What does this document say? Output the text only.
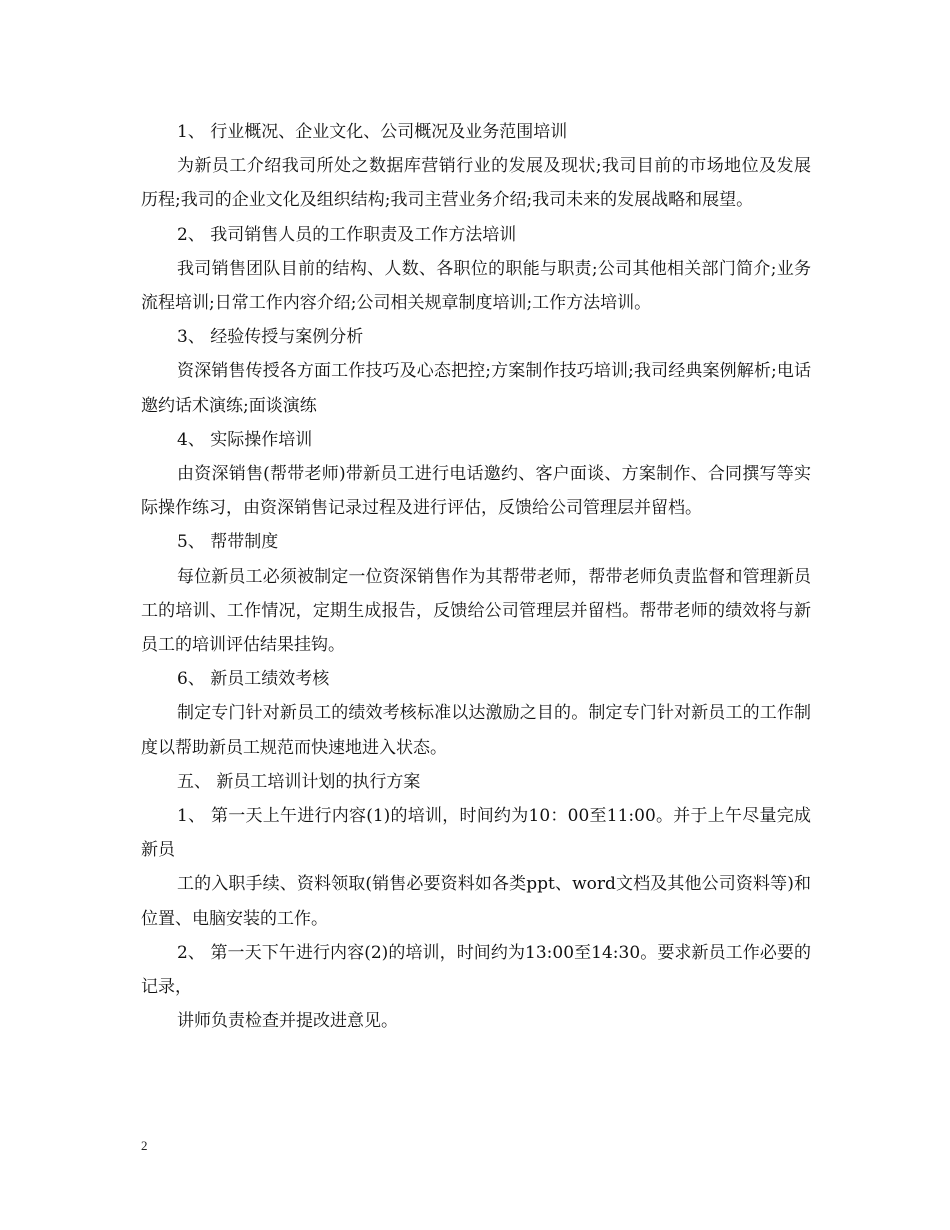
1、 行业概况、企业文化、公司概况及业务范围培训

为新员工介绍我司所处之数据库营销行业的发展及现状;我司目前的市场地位及发展历程;我司的企业文化及组织结构;我司主营业务介绍;我司未来的发展战略和展望。

2、 我司销售人员的工作职责及工作方法培训

我司销售团队目前的结构、人数、各职位的职能与职责;公司其他相关部门简介;业务流程培训;日常工作内容介绍;公司相关规章制度培训;工作方法培训。

3、 经验传授与案例分析

资深销售传授各方面工作技巧及心态把控;方案制作技巧培训;我司经典案例解析;电话邀约话术演练;面谈演练

4、 实际操作培训

由资深销售(帮带老师)带新员工进行电话邀约、客户面谈、方案制作、合同撰写等实际操作练习，由资深销售记录过程及进行评估，反馈给公司管理层并留档。

5、 帮带制度

每位新员工必须被制定一位资深销售作为其帮带老师，帮带老师负责监督和管理新员工的培训、工作情况，定期生成报告，反馈给公司管理层并留档。帮带老师的绩效将与新员工的培训评估结果挂钩。

6、 新员工绩效考核

制定专门针对新员工的绩效考核标准以达激励之目的。制定专门针对新员工的工作制度以帮助新员工规范而快速地进入状态。

五、 新员工培训计划的执行方案

1、 第一天上午进行内容(1)的培训，时间约为10：00至11:00。并于上午尽量完成新员

工的入职手续、资料领取(销售必要资料如各类ppt、word文档及其他公司资料等)和位置、电脑安装的工作。

2、 第一天下午进行内容(2)的培训，时间约为13:00至14:30。要求新员工作必要的记录，

讲师负责检查并提改进意见。

2
